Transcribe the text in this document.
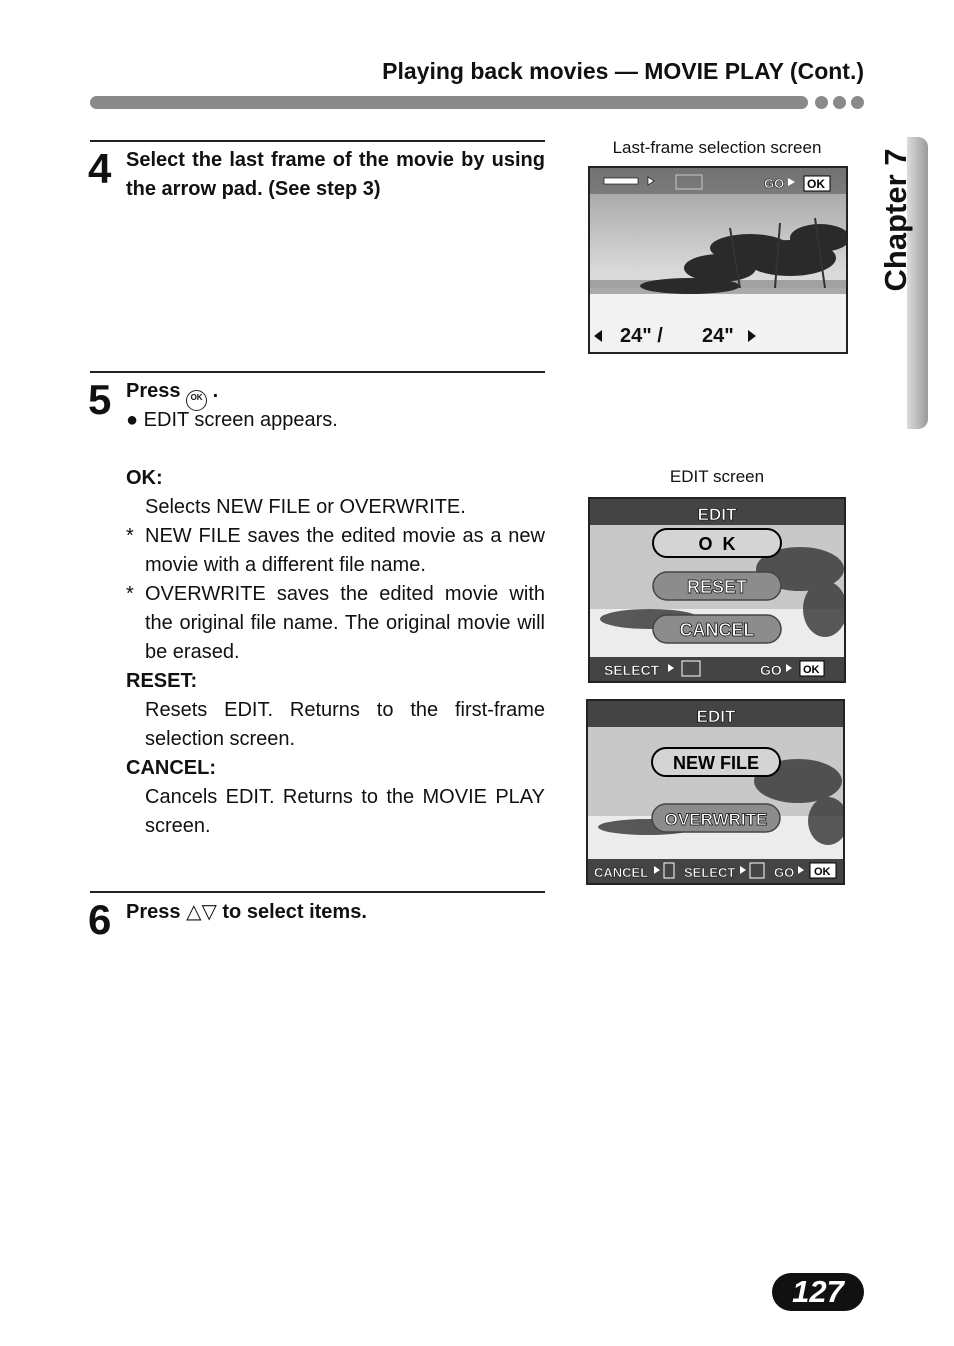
Playing back movies — MOVIE PLAY (Cont.)
Chapter 7
4 Select the last frame of the movie by using the arrow pad. (See step 3)
Last-frame selection screen
GO OK
24" / 24"
5 Press OK .
● EDIT screen appears.
OK:
Selects NEW FILE or OVERWRITE.
* NEW FILE saves the edited movie as a new movie with a different file name.
* OVERWRITE saves the edited movie with the original file name. The original movie will be erased.
RESET:
Resets EDIT. Returns to the first-frame selection screen.
CANCEL:
Cancels EDIT. Returns to the MOVIE PLAY screen.
EDIT screen
EDIT
O  K
RESET
CANCEL
SELECT	GO OK
EDIT
NEW FILE
OVERWRITE
CANCEL	SELECT	GO OK
6 Press △▽ to select items.
127
